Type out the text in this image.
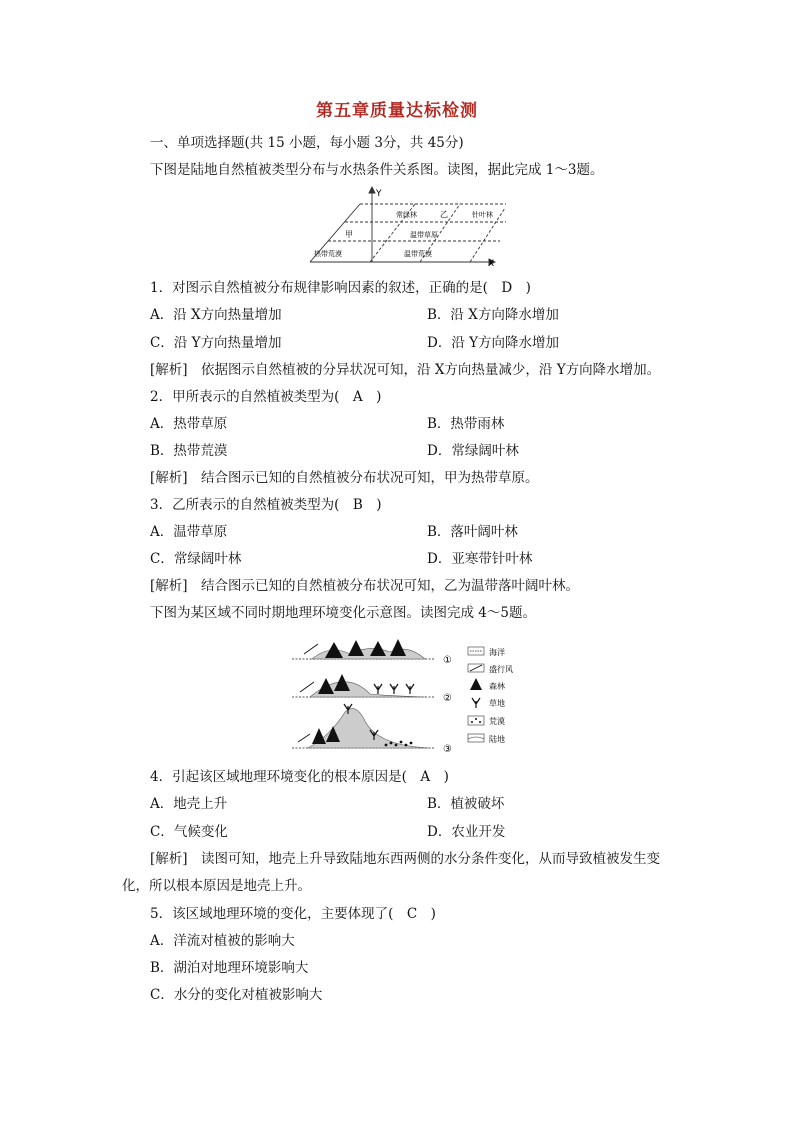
第五章质量达标检测
一、单项选择题(共 15 小题，每小题 3分，共 45分)
下图是陆地自然植被类型分布与水热条件关系图。读图，据此完成 1～3题。
Y
X
常绿林	乙	针叶林
甲	温带草原
热带荒漠	温带荒漠
1．对图示自然植被分布规律影响因素的叙述，正确的是(　D　)
A．沿 X方向热量增加	B．沿 X方向降水增加
C．沿 Y方向热量增加	D．沿 Y方向降水增加
[解析]　依据图示自然植被的分异状况可知，沿 X方向热量减少，沿 Y方向降水增加。
2．甲所表示的自然植被类型为(　A　)
A．热带草原	B．热带雨林
B．热带荒漠	D．常绿阔叶林
[解析]　结合图示已知的自然植被分布状况可知，甲为热带草原。
3．乙所表示的自然植被类型为(　B　)
A．温带草原	B．落叶阔叶林
C．常绿阔叶林	D．亚寒带针叶林
[解析]　结合图示已知的自然植被分布状况可知，乙为温带落叶阔叶林。
下图为某区域不同时期地理环境变化示意图。读图完成 4～5题。
①
②
③
海洋
盛行风
森林
草地
荒漠
陆地
4．引起该区域地理环境变化的根本原因是(　A　)
A．地壳上升	B．植被破坏
C．气候变化	D．农业开发
[解析]　读图可知，地壳上升导致陆地东西两侧的水分条件变化，从而导致植被发生变
化，所以根本原因是地壳上升。
5．该区域地理环境的变化，主要体现了(　C　)
A．洋流对植被的影响大
B．湖泊对地理环境影响大
C．水分的变化对植被影响大
